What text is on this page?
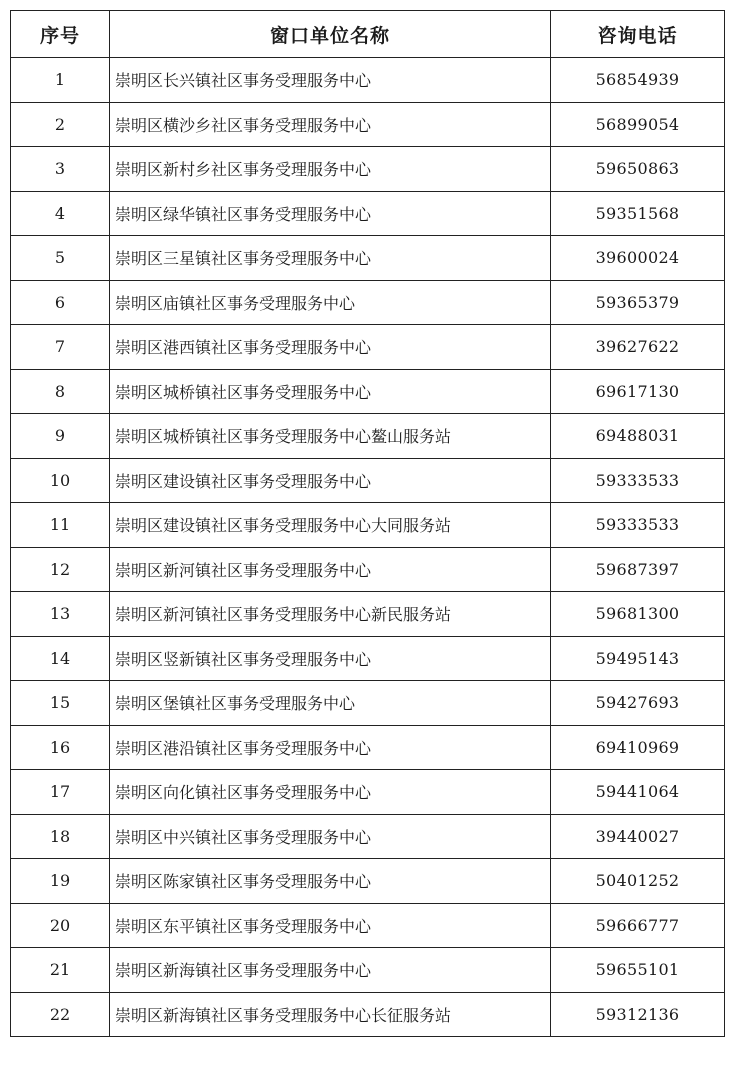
序号	窗口单位名称	咨询电话
1	崇明区长兴镇社区事务受理服务中心	56854939
2	崇明区横沙乡社区事务受理服务中心	56899054
3	崇明区新村乡社区事务受理服务中心	59650863
4	崇明区绿华镇社区事务受理服务中心	59351568
5	崇明区三星镇社区事务受理服务中心	39600024
6	崇明区庙镇社区事务受理服务中心	59365379
7	崇明区港西镇社区事务受理服务中心	39627622
8	崇明区城桥镇社区事务受理服务中心	69617130
9	崇明区城桥镇社区事务受理服务中心鳌山服务站	69488031
10	崇明区建设镇社区事务受理服务中心	59333533
11	崇明区建设镇社区事务受理服务中心大同服务站	59333533
12	崇明区新河镇社区事务受理服务中心	59687397
13	崇明区新河镇社区事务受理服务中心新民服务站	59681300
14	崇明区竖新镇社区事务受理服务中心	59495143
15	崇明区堡镇社区事务受理服务中心	59427693
16	崇明区港沿镇社区事务受理服务中心	69410969
17	崇明区向化镇社区事务受理服务中心	59441064
18	崇明区中兴镇社区事务受理服务中心	39440027
19	崇明区陈家镇社区事务受理服务中心	50401252
20	崇明区东平镇社区事务受理服务中心	59666777
21	崇明区新海镇社区事务受理服务中心	59655101
22	崇明区新海镇社区事务受理服务中心长征服务站	59312136
